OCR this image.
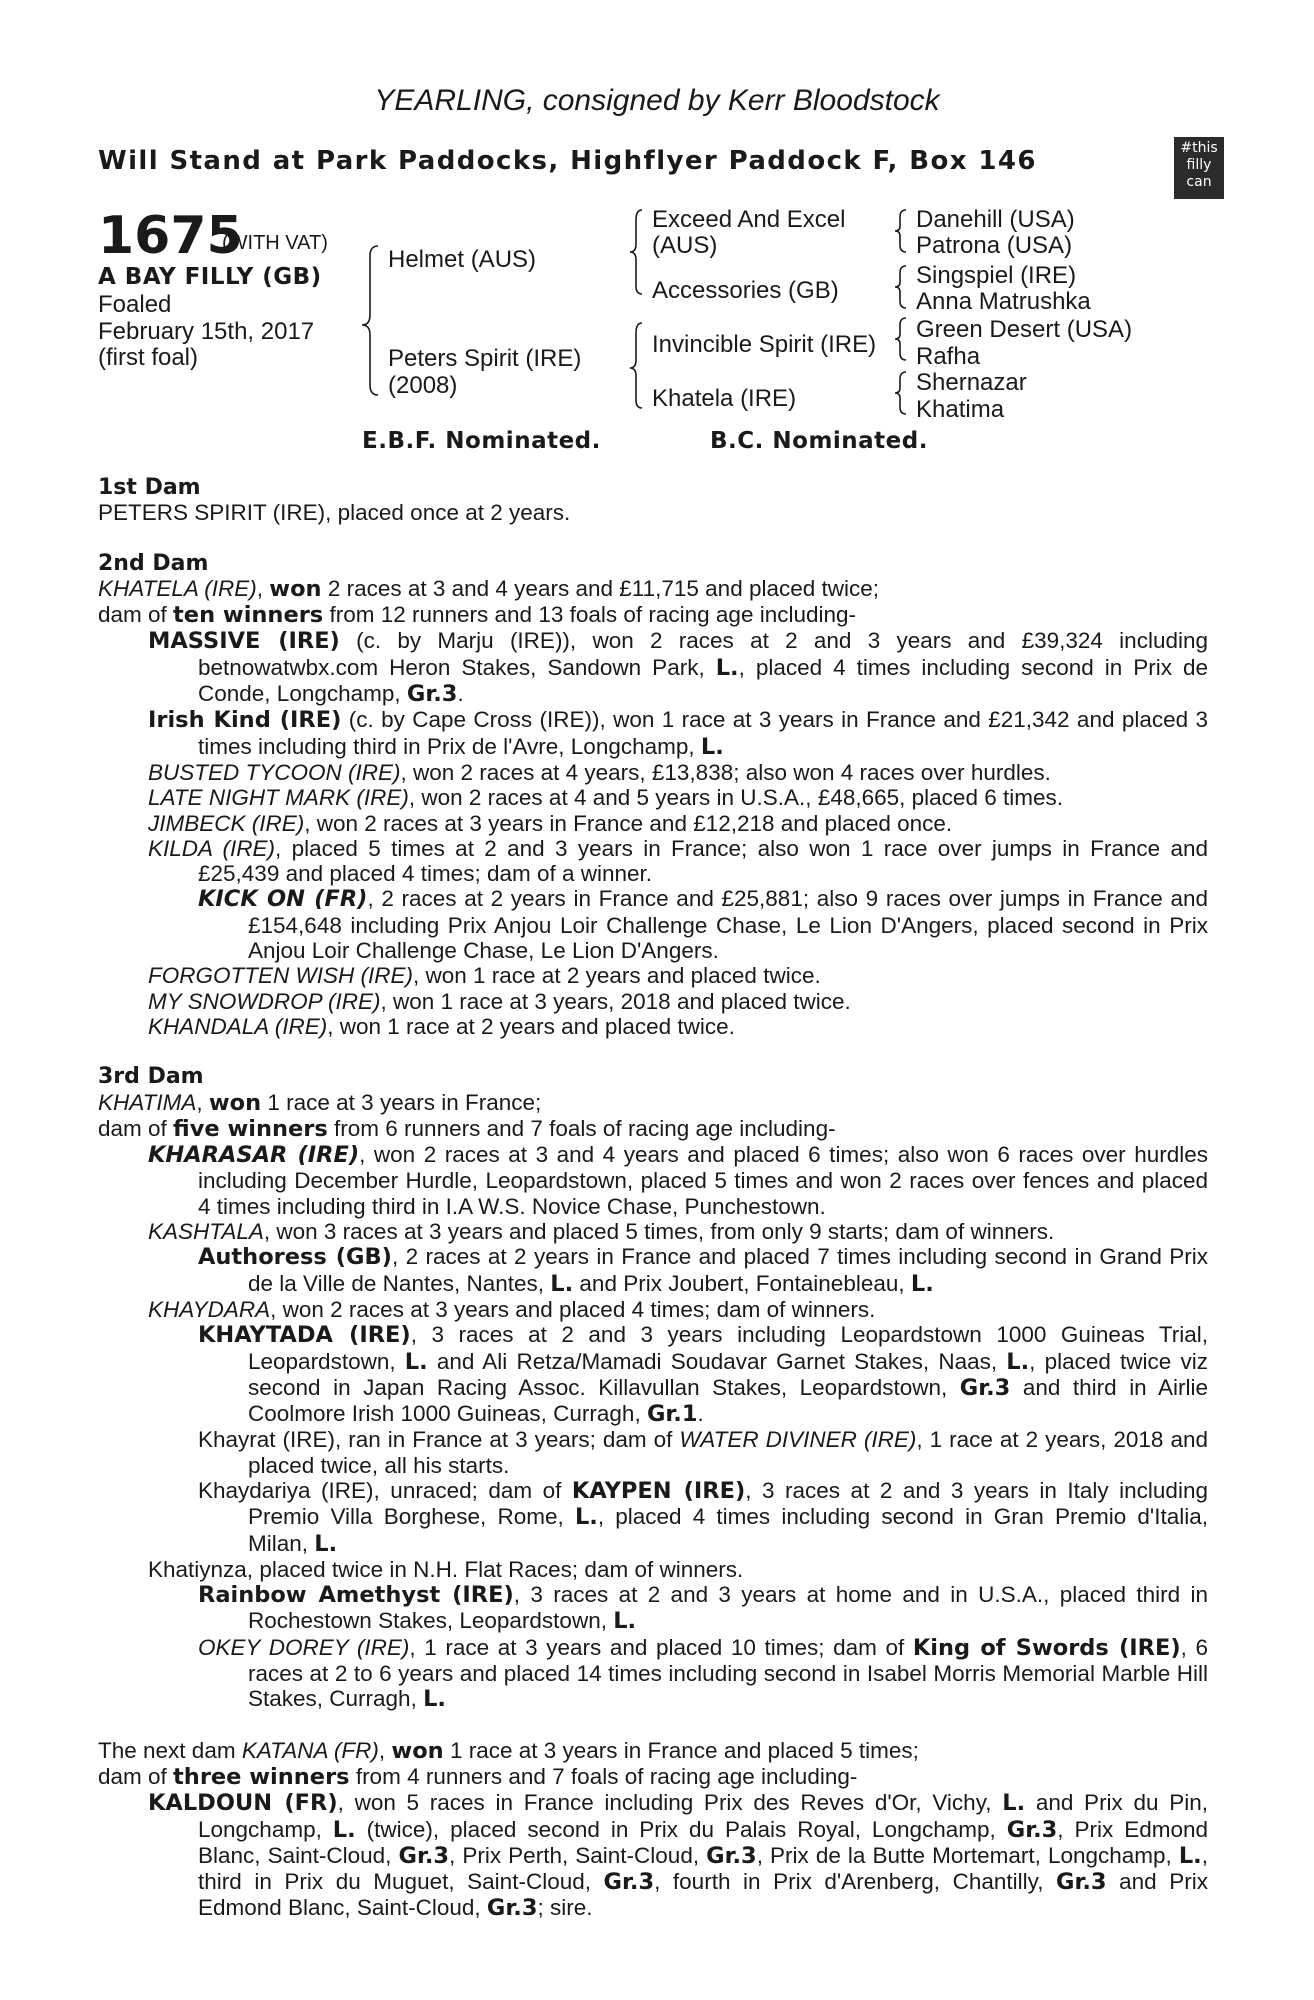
YEARLING, consigned by Kerr Bloodstock
Will Stand at Park Paddocks, Highflyer Paddock F, Box 146	#this
filly
can
1675
(WITH VAT)
A BAY FILLY (GB)
Foaled
February 15th, 2017
(first foal)
Helmet (AUS)
Peters Spirit (IRE)
(2008)
Exceed And Excel
(AUS)
Accessories (GB)
Invincible Spirit (IRE)
Khatela (IRE)
Danehill (USA)
Patrona (USA)
Singspiel (IRE)
Anna Matrushka
Green Desert (USA)
Rafha
Shernazar
Khatima
E.B.F. Nominated.	B.C. Nominated.

1st Dam

PETERS SPIRIT (IRE), placed once at 2 years.

2nd Dam

KHATELA (IRE), won 2 races at 3 and 4 years and £11,715 and placed twice;

dam of ten winners from 12 runners and 13 foals of racing age including-

MASSIVE (IRE) (c. by Marju (IRE)), won 2 races at 2 and 3 years and £39,324 including betnowatwbx.com Heron Stakes, Sandown Park, L., placed 4 times including second in Prix de Conde, Longchamp, Gr.3.

Irish Kind (IRE) (c. by Cape Cross (IRE)), won 1 race at 3 years in France and £21,342 and placed 3 times including third in Prix de l'Avre, Longchamp, L.

BUSTED TYCOON (IRE), won 2 races at 4 years, £13,838; also won 4 races over hurdles.

LATE NIGHT MARK (IRE), won 2 races at 4 and 5 years in U.S.A., £48,665, placed 6 times.

JIMBECK (IRE), won 2 races at 3 years in France and £12,218 and placed once.

KILDA (IRE), placed 5 times at 2 and 3 years in France; also won 1 race over jumps in France and £25,439 and placed 4 times; dam of a winner.

KICK ON (FR), 2 races at 2 years in France and £25,881; also 9 races over jumps in France and £154,648 including Prix Anjou Loir Challenge Chase, Le Lion D'Angers, placed second in Prix Anjou Loir Challenge Chase, Le Lion D'Angers.

FORGOTTEN WISH (IRE), won 1 race at 2 years and placed twice.

MY SNOWDROP (IRE), won 1 race at 3 years, 2018 and placed twice.

KHANDALA (IRE), won 1 race at 2 years and placed twice.

3rd Dam

KHATIMA, won 1 race at 3 years in France;

dam of five winners from 6 runners and 7 foals of racing age including-

KHARASAR (IRE), won 2 races at 3 and 4 years and placed 6 times; also won 6 races over hurdles including December Hurdle, Leopardstown, placed 5 times and won 2 races over fences and placed 4 times including third in I.A W.S. Novice Chase, Punchestown.

KASHTALA, won 3 races at 3 years and placed 5 times, from only 9 starts; dam of winners.

Authoress (GB), 2 races at 2 years in France and placed 7 times including second in Grand Prix de la Ville de Nantes, Nantes, L. and Prix Joubert, Fontainebleau, L.

KHAYDARA, won 2 races at 3 years and placed 4 times; dam of winners.

KHAYTADA (IRE), 3 races at 2 and 3 years including Leopardstown 1000 Guineas Trial, Leopardstown, L. and Ali Retza/Mamadi Soudavar Garnet Stakes, Naas, L., placed twice viz second in Japan Racing Assoc. Killavullan Stakes, Leopardstown, Gr.3 and third in Airlie Coolmore Irish 1000 Guineas, Curragh, Gr.1.

Khayrat (IRE), ran in France at 3 years; dam of WATER DIVINER (IRE), 1 race at 2 years, 2018 and placed twice, all his starts.

Khaydariya (IRE), unraced; dam of KAYPEN (IRE), 3 races at 2 and 3 years in Italy including Premio Villa Borghese, Rome, L., placed 4 times including second in Gran Premio d'Italia, Milan, L.

Khatiynza, placed twice in N.H. Flat Races; dam of winners.

Rainbow Amethyst (IRE), 3 races at 2 and 3 years at home and in U.S.A., placed third in Rochestown Stakes, Leopardstown, L.

OKEY DOREY (IRE), 1 race at 3 years and placed 10 times; dam of King of Swords (IRE), 6 races at 2 to 6 years and placed 14 times including second in Isabel Morris Memorial Marble Hill Stakes, Curragh, L.

The next dam KATANA (FR), won 1 race at 3 years in France and placed 5 times;

dam of three winners from 4 runners and 7 foals of racing age including-

KALDOUN (FR), won 5 races in France including Prix des Reves d'Or, Vichy, L. and Prix du Pin, Longchamp, L. (twice), placed second in Prix du Palais Royal, Longchamp, Gr.3, Prix Edmond Blanc, Saint-Cloud, Gr.3, Prix Perth, Saint-Cloud, Gr.3, Prix de la Butte Mortemart, Longchamp, L., third in Prix du Muguet, Saint-Cloud, Gr.3, fourth in Prix d'Arenberg, Chantilly, Gr.3 and Prix Edmond Blanc, Saint-Cloud, Gr.3; sire.
